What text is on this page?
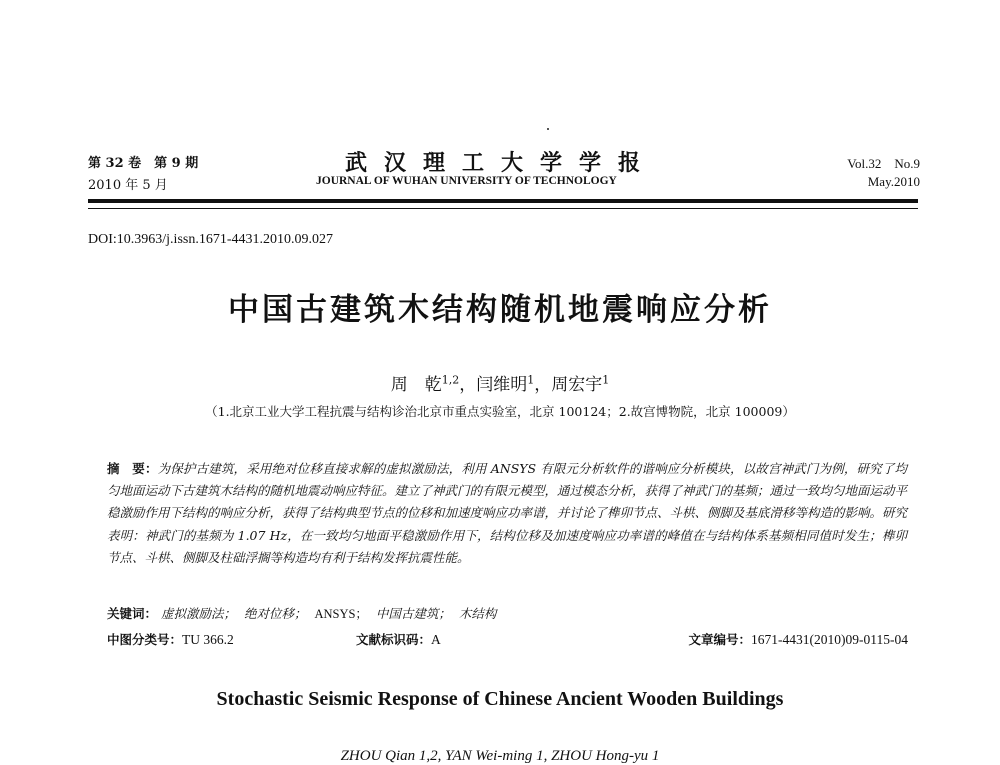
第 32 卷　第 9 期
2010 年 5 月
武汉理工大学学报
JOURNAL OF WUHAN UNIVERSITY OF TECHNOLOGY
Vol.32　No.9
May.2010
DOI:10.3963/j.issn.1671-4431.2010.09.027
中国古建筑木结构随机地震响应分析
周　乾$^{1,2}$，闫维明$^1$，周宏宇$^1$
（1.北京工业大学工程抗震与结构诊治北京市重点实验室，北京 100124；2.故宫博物院，北京 100009）
摘　要：为保护古建筑，采用绝对位移直接求解的虚拟激励法，利用 ANSYS 有限元分析软件的谐响应分析模块，以故宫神武门为例，研究了均匀地面运动下古建筑木结构的随机地震动响应特征。建立了神武门的有限元模型，通过模态分析，获得了神武门的基频；通过一致均匀地面运动平稳激励作用下结构的响应分析，获得了结构典型节点的位移和加速度响应功率谱，并讨论了榫卯节点、斗栱、侧脚及基底滑移等构造的影响。研究表明：神武门的基频为 1.07 Hz，在一致均匀地面平稳激励作用下，结构位移及加速度响应功率谱的峰值在与结构体系基频相同值时发生；榫卯节点、斗栱、侧脚及柱础浮搁等构造均有利于结构发挥抗震性能。
关键词： 虚拟激励法； 绝对位移； ANSYS； 中国古建筑； 木结构
中图分类号：TU 366.2	文献标识码：A	文章编号：1671-4431(2010)09-0115-04
Stochastic Seismic Response of Chinese Ancient Wooden Buildings
ZHOU Qian 1,2, YAN Wei-ming 1, ZHOU Hong-yu 1
